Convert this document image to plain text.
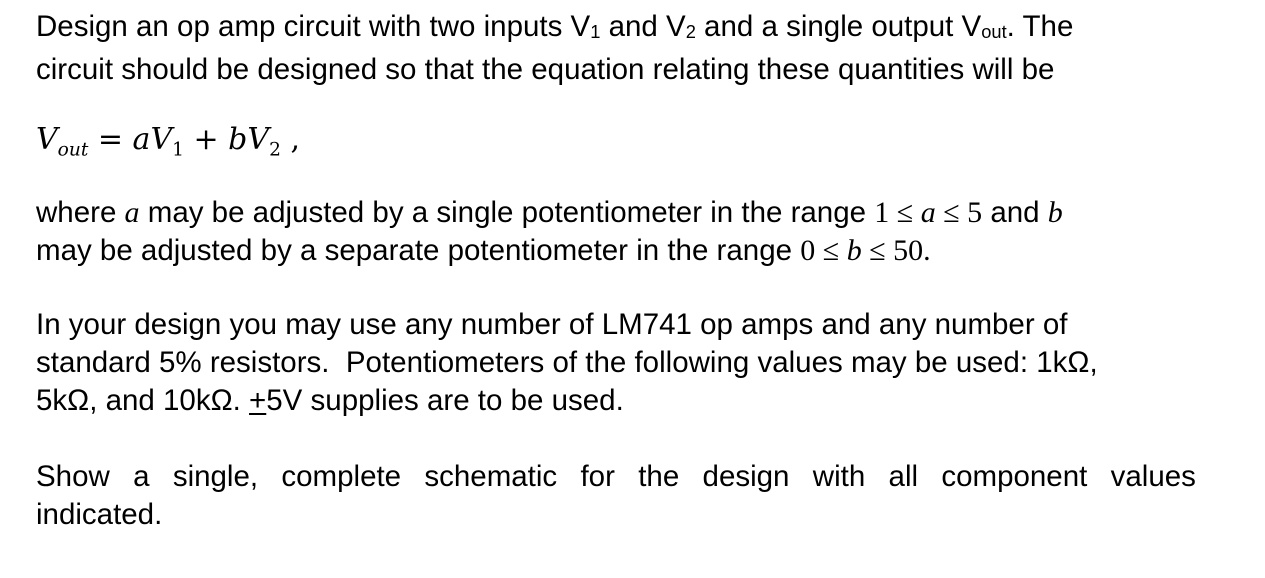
Design an op amp circuit with two inputs V1 and V2 and a single output Vout. The
circuit should be designed so that the equation relating these quantities will be
$V_{out} = aV_1 + bV_2$ ,
where a may be adjusted by a single potentiometer in the range 1 ≤ a ≤ 5 and b
may be adjusted by a separate potentiometer in the range 0 ≤ b ≤ 50.
In your design you may use any number of LM741 op amps and any number of
standard 5% resistors.  Potentiometers of the following values may be used: 1kΩ,
5kΩ, and 10kΩ. +5V supplies are to be used.
Show a single, complete schematic for the design with all component values
indicated.
